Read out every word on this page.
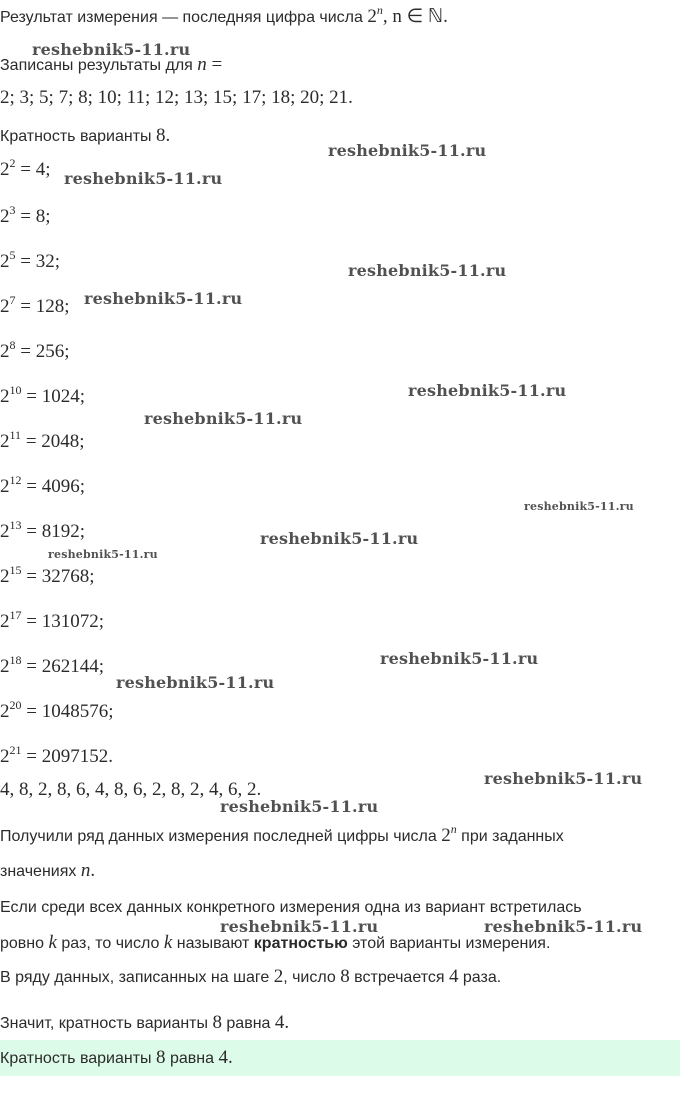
Результат измерения — последняя цифра числа 2$^n$, n ∈ ℕ.
Записаны результаты для n =
2; 3; 5; 7; 8; 10; 11; 12; 13; 15; 17; 18; 20; 21.
Кратность варианты 8.
$2^2 = 4$;
$2^3 = 8$;
$2^5 = 32$;
$2^7 = 128$;
$2^8 = 256$;
$2^{10} = 1024$;
$2^{11} = 2048$;
$2^{12} = 4096$;
$2^{13} = 8192$;
$2^{15} = 32768$;
$2^{17} = 131072$;
$2^{18} = 262144$;
$2^{20} = 1048576$;
$2^{21} = 2097152$.
4, 8, 2, 8, 6, 4, 8, 6, 2, 8, 2, 4, 6, 2.
Получили ряд данных измерения последней цифры числа 2$^n$ при заданных
значениях n.
Если среди всех данных конкретного измерения одна из вариант встретилась
ровно k раз, то число k называют кратностью этой варианты измерения.
В ряду данных, записанных на шаге 2, число 8 встречается 4 раза.
Значит, кратность варианты 8 равна 4.
Кратность варианты 8 равна 4.
reshebnik5-11.ru
reshebnik5-11.ru
reshebnik5-11.ru
reshebnik5-11.ru
reshebnik5-11.ru
reshebnik5-11.ru
reshebnik5-11.ru
reshebnik5-11.ru
reshebnik5-11.ru
reshebnik5-11.ru
reshebnik5-11.ru
reshebnik5-11.ru
reshebnik5-11.ru
reshebnik5-11.ru
reshebnik5-11.ru	reshebnik5-11.ru
